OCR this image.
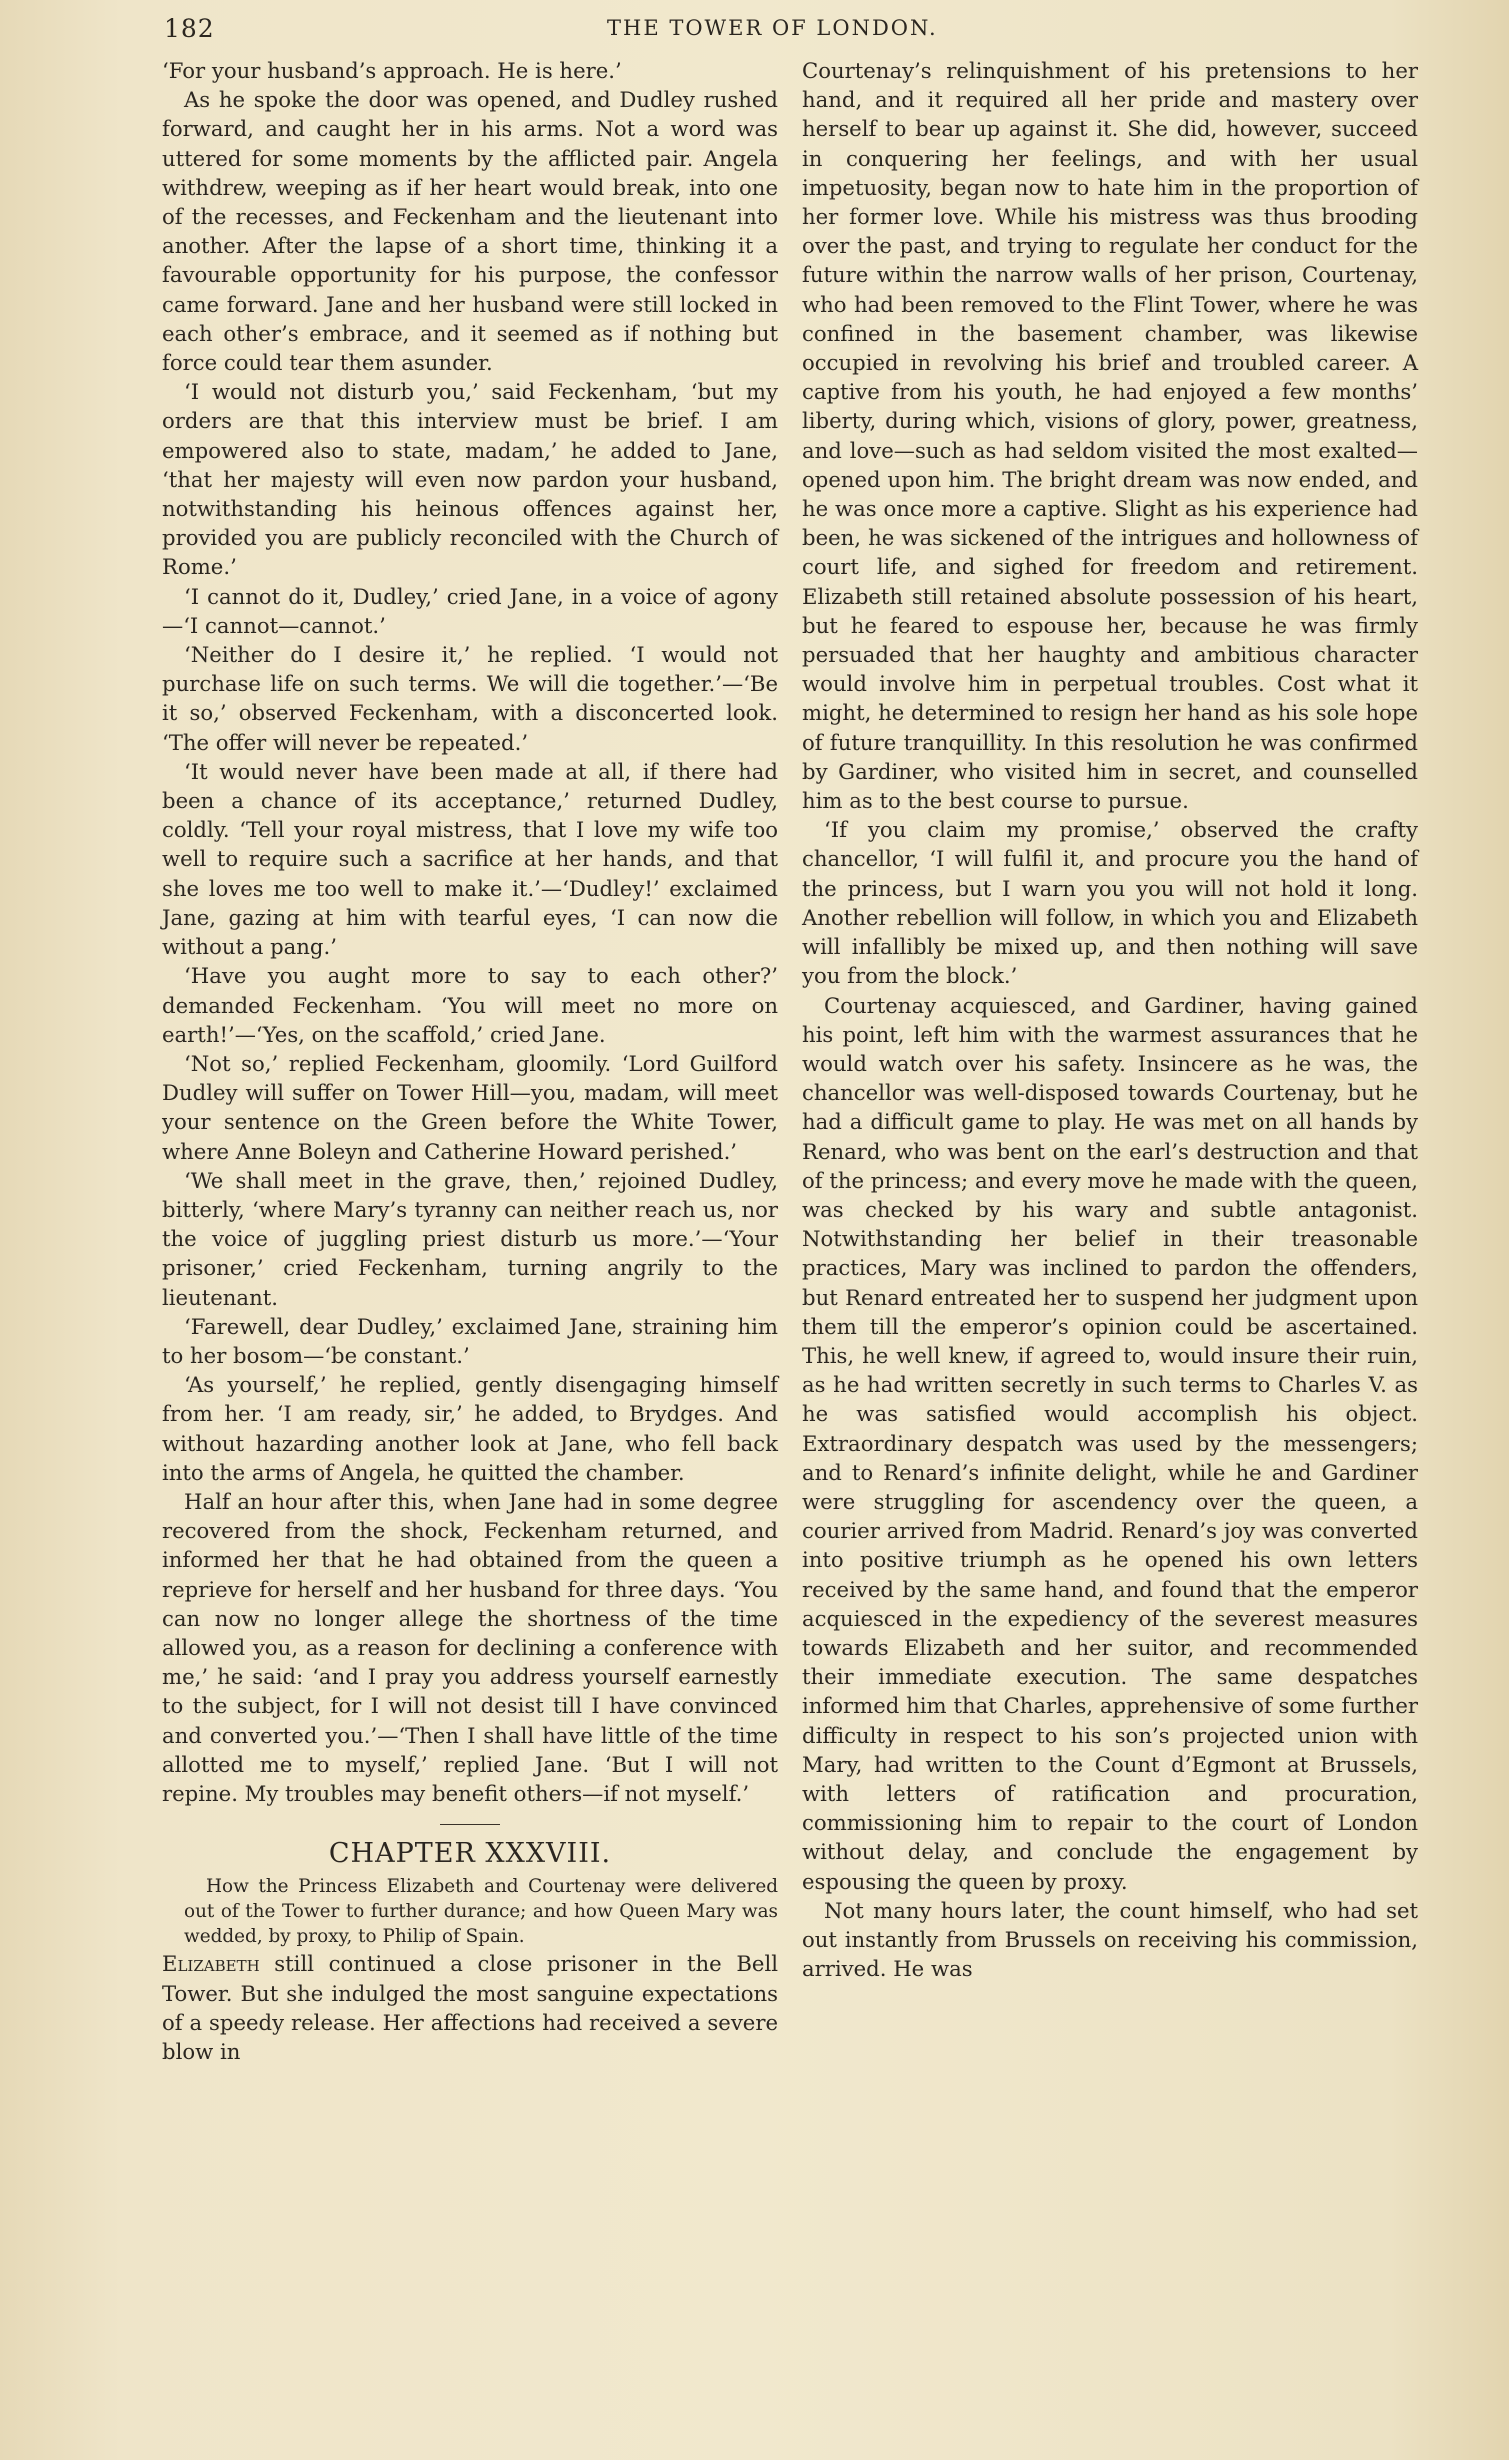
182	THE TOWER OF LONDON.

‘For your husband’s approach. He is here.’

As he spoke the door was opened, and Dudley rushed forward, and caught her in his arms. Not a word was uttered for some moments by the afflicted pair. Angela withdrew, weeping as if her heart would break, into one of the recesses, and Feckenham and the lieutenant into another. After the lapse of a short time, thinking it a favourable opportunity for his purpose, the confessor came forward. Jane and her husband were still locked in each other’s embrace, and it seemed as if nothing but force could tear them asunder.

‘I would not disturb you,’ said Feckenham, ‘but my orders are that this interview must be brief. I am empowered also to state, madam,’ he added to Jane, ‘that her majesty will even now pardon your husband, notwithstanding his heinous offences against her, provided you are publicly reconciled with the Church of Rome.’

‘I cannot do it, Dudley,’ cried Jane, in a voice of agony—‘I cannot—cannot.’

‘Neither do I desire it,’ he replied. ‘I would not purchase life on such terms. We will die together.’—‘Be it so,’ observed Feckenham, with a disconcerted look. ‘The offer will never be repeated.’

‘It would never have been made at all, if there had been a chance of its acceptance,’ returned Dudley, coldly. ‘Tell your royal mistress, that I love my wife too well to require such a sacrifice at her hands, and that she loves me too well to make it.’—‘Dudley!’ exclaimed Jane, gazing at him with tearful eyes, ‘I can now die without a pang.’

‘Have you aught more to say to each other?’ demanded Feckenham. ‘You will meet no more on earth!’—‘Yes, on the scaffold,’ cried Jane.

‘Not so,’ replied Feckenham, gloomily. ‘Lord Guilford Dudley will suffer on Tower Hill—you, madam, will meet your sentence on the Green before the White Tower, where Anne Boleyn and Catherine Howard perished.’

‘We shall meet in the grave, then,’ rejoined Dudley, bitterly, ‘where Mary’s tyranny can neither reach us, nor the voice of juggling priest disturb us more.’—‘Your prisoner,’ cried Feckenham, turning angrily to the lieutenant.

‘Farewell, dear Dudley,’ exclaimed Jane, straining him to her bosom—‘be constant.’

‘As yourself,’ he replied, gently disengaging himself from her. ‘I am ready, sir,’ he added, to Brydges. And without hazarding another look at Jane, who fell back into the arms of Angela, he quitted the chamber.

Half an hour after this, when Jane had in some degree recovered from the shock, Feckenham returned, and informed her that he had obtained from the queen a reprieve for herself and her husband for three days. ‘You can now no longer allege the shortness of the time allowed you, as a reason for declining a conference with me,’ he said: ‘and I pray you address yourself earnestly to the subject, for I will not desist till I have convinced and converted you.’—‘Then I shall have little of the time allotted me to myself,’ replied Jane. ‘But I will not repine. My troubles may benefit others—if not myself.’

CHAPTER XXXVIII.

How the Princess Elizabeth and Courtenay were delivered out of the Tower to further durance; and how Queen Mary was wedded, by proxy, to Philip of Spain.

Elizabeth still continued a close prisoner in the Bell Tower. But she indulged the most sanguine expectations of a speedy release. Her affections had received a severe blow in

Courtenay’s relinquishment of his pretensions to her hand, and it required all her pride and mastery over herself to bear up against it. She did, however, succeed in conquering her feelings, and with her usual impetuosity, began now to hate him in the proportion of her former love. While his mistress was thus brooding over the past, and trying to regulate her conduct for the future within the narrow walls of her prison, Courtenay, who had been removed to the Flint Tower, where he was confined in the basement chamber, was likewise occupied in revolving his brief and troubled career. A captive from his youth, he had enjoyed a few months’ liberty, during which, visions of glory, power, greatness, and love—such as had seldom visited the most exalted—opened upon him. The bright dream was now ended, and he was once more a captive. Slight as his experience had been, he was sickened of the intrigues and hollowness of court life, and sighed for freedom and retirement. Elizabeth still retained absolute possession of his heart, but he feared to espouse her, because he was firmly persuaded that her haughty and ambitious character would involve him in perpetual troubles. Cost what it might, he determined to resign her hand as his sole hope of future tranquillity. In this resolution he was confirmed by Gardiner, who visited him in secret, and counselled him as to the best course to pursue.

‘If you claim my promise,’ observed the crafty chancellor, ‘I will fulfil it, and procure you the hand of the princess, but I warn you you will not hold it long. Another rebellion will follow, in which you and Elizabeth will infallibly be mixed up, and then nothing will save you from the block.’

Courtenay acquiesced, and Gardiner, having gained his point, left him with the warmest assurances that he would watch over his safety. Insincere as he was, the chancellor was well-disposed towards Courtenay, but he had a difficult game to play. He was met on all hands by Renard, who was bent on the earl’s destruction and that of the princess; and every move he made with the queen, was checked by his wary and subtle antagonist. Notwithstanding her belief in their treasonable practices, Mary was inclined to pardon the offenders, but Renard entreated her to suspend her judgment upon them till the emperor’s opinion could be ascertained. This, he well knew, if agreed to, would insure their ruin, as he had written secretly in such terms to Charles V. as he was satisfied would accomplish his object. Extraordinary despatch was used by the messengers; and to Renard’s infinite delight, while he and Gardiner were struggling for ascendency over the queen, a courier arrived from Madrid. Renard’s joy was converted into positive triumph as he opened his own letters received by the same hand, and found that the emperor acquiesced in the expediency of the severest measures towards Elizabeth and her suitor, and recommended their immediate execution. The same despatches informed him that Charles, apprehensive of some further difficulty in respect to his son’s projected union with Mary, had written to the Count d’Egmont at Brussels, with letters of ratification and procuration, commissioning him to repair to the court of London without delay, and conclude the engagement by espousing the queen by proxy.

Not many hours later, the count himself, who had set out instantly from Brussels on receiving his commission, arrived. He was
